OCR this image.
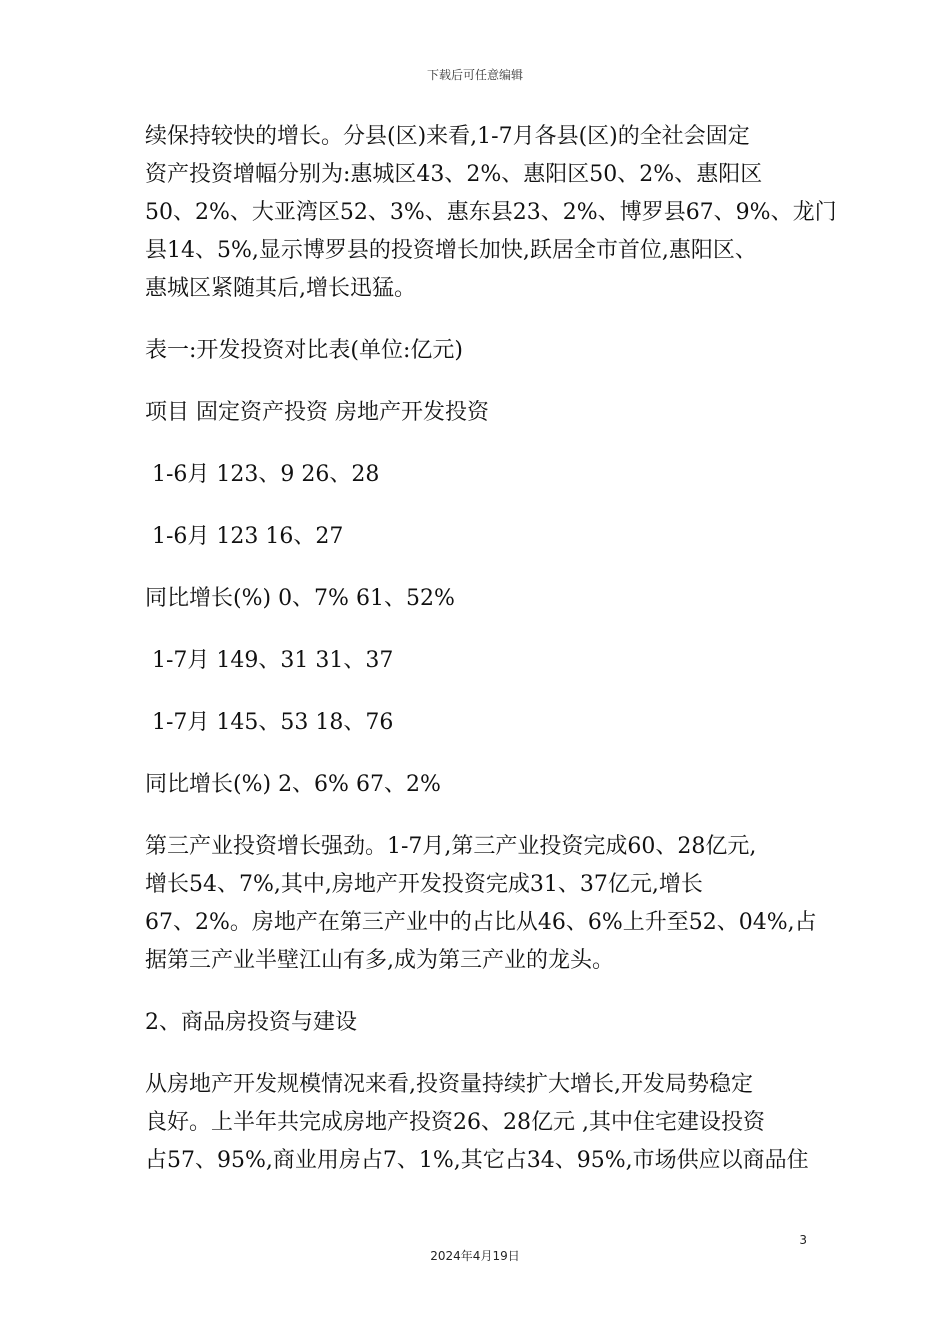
下载后可任意编辑
续保持较快的增长。分县(区)来看,1-7月各县(区)的全社会固定
资产投资增幅分别为:惠城区43、2%、惠阳区50、2%、惠阳区
50、2%、大亚湾区52、3%、惠东县23、2%、博罗县67、9%、龙门
县14、5%,显示博罗县的投资增长加快,跃居全市首位,惠阳区、
惠城区紧随其后,增长迅猛。
表一:开发投资对比表(单位:亿元)
项目 固定资产投资 房地产开发投资
1-6月 123、9 26、28
1-6月 123 16、27
同比增长(%) 0、7% 61、52%
1-7月 149、31 31、37
1-7月 145、53 18、76
同比增长(%) 2、6% 67、2%
第三产业投资增长强劲。1-7月,第三产业投资完成60、28亿元,
增长54、7%,其中,房地产开发投资完成31、37亿元,增长
67、2%。房地产在第三产业中的占比从46、6%上升至52、04%,占
据第三产业半壁江山有多,成为第三产业的龙头。
2、商品房投资与建设
从房地产开发规模情况来看,投资量持续扩大增长,开发局势稳定
良好。上半年共完成房地产投资26、28亿元 ,其中住宅建设投资
占57、95%,商业用房占7、1%,其它占34、95%,市场供应以商品住
3
2024年4月19日
